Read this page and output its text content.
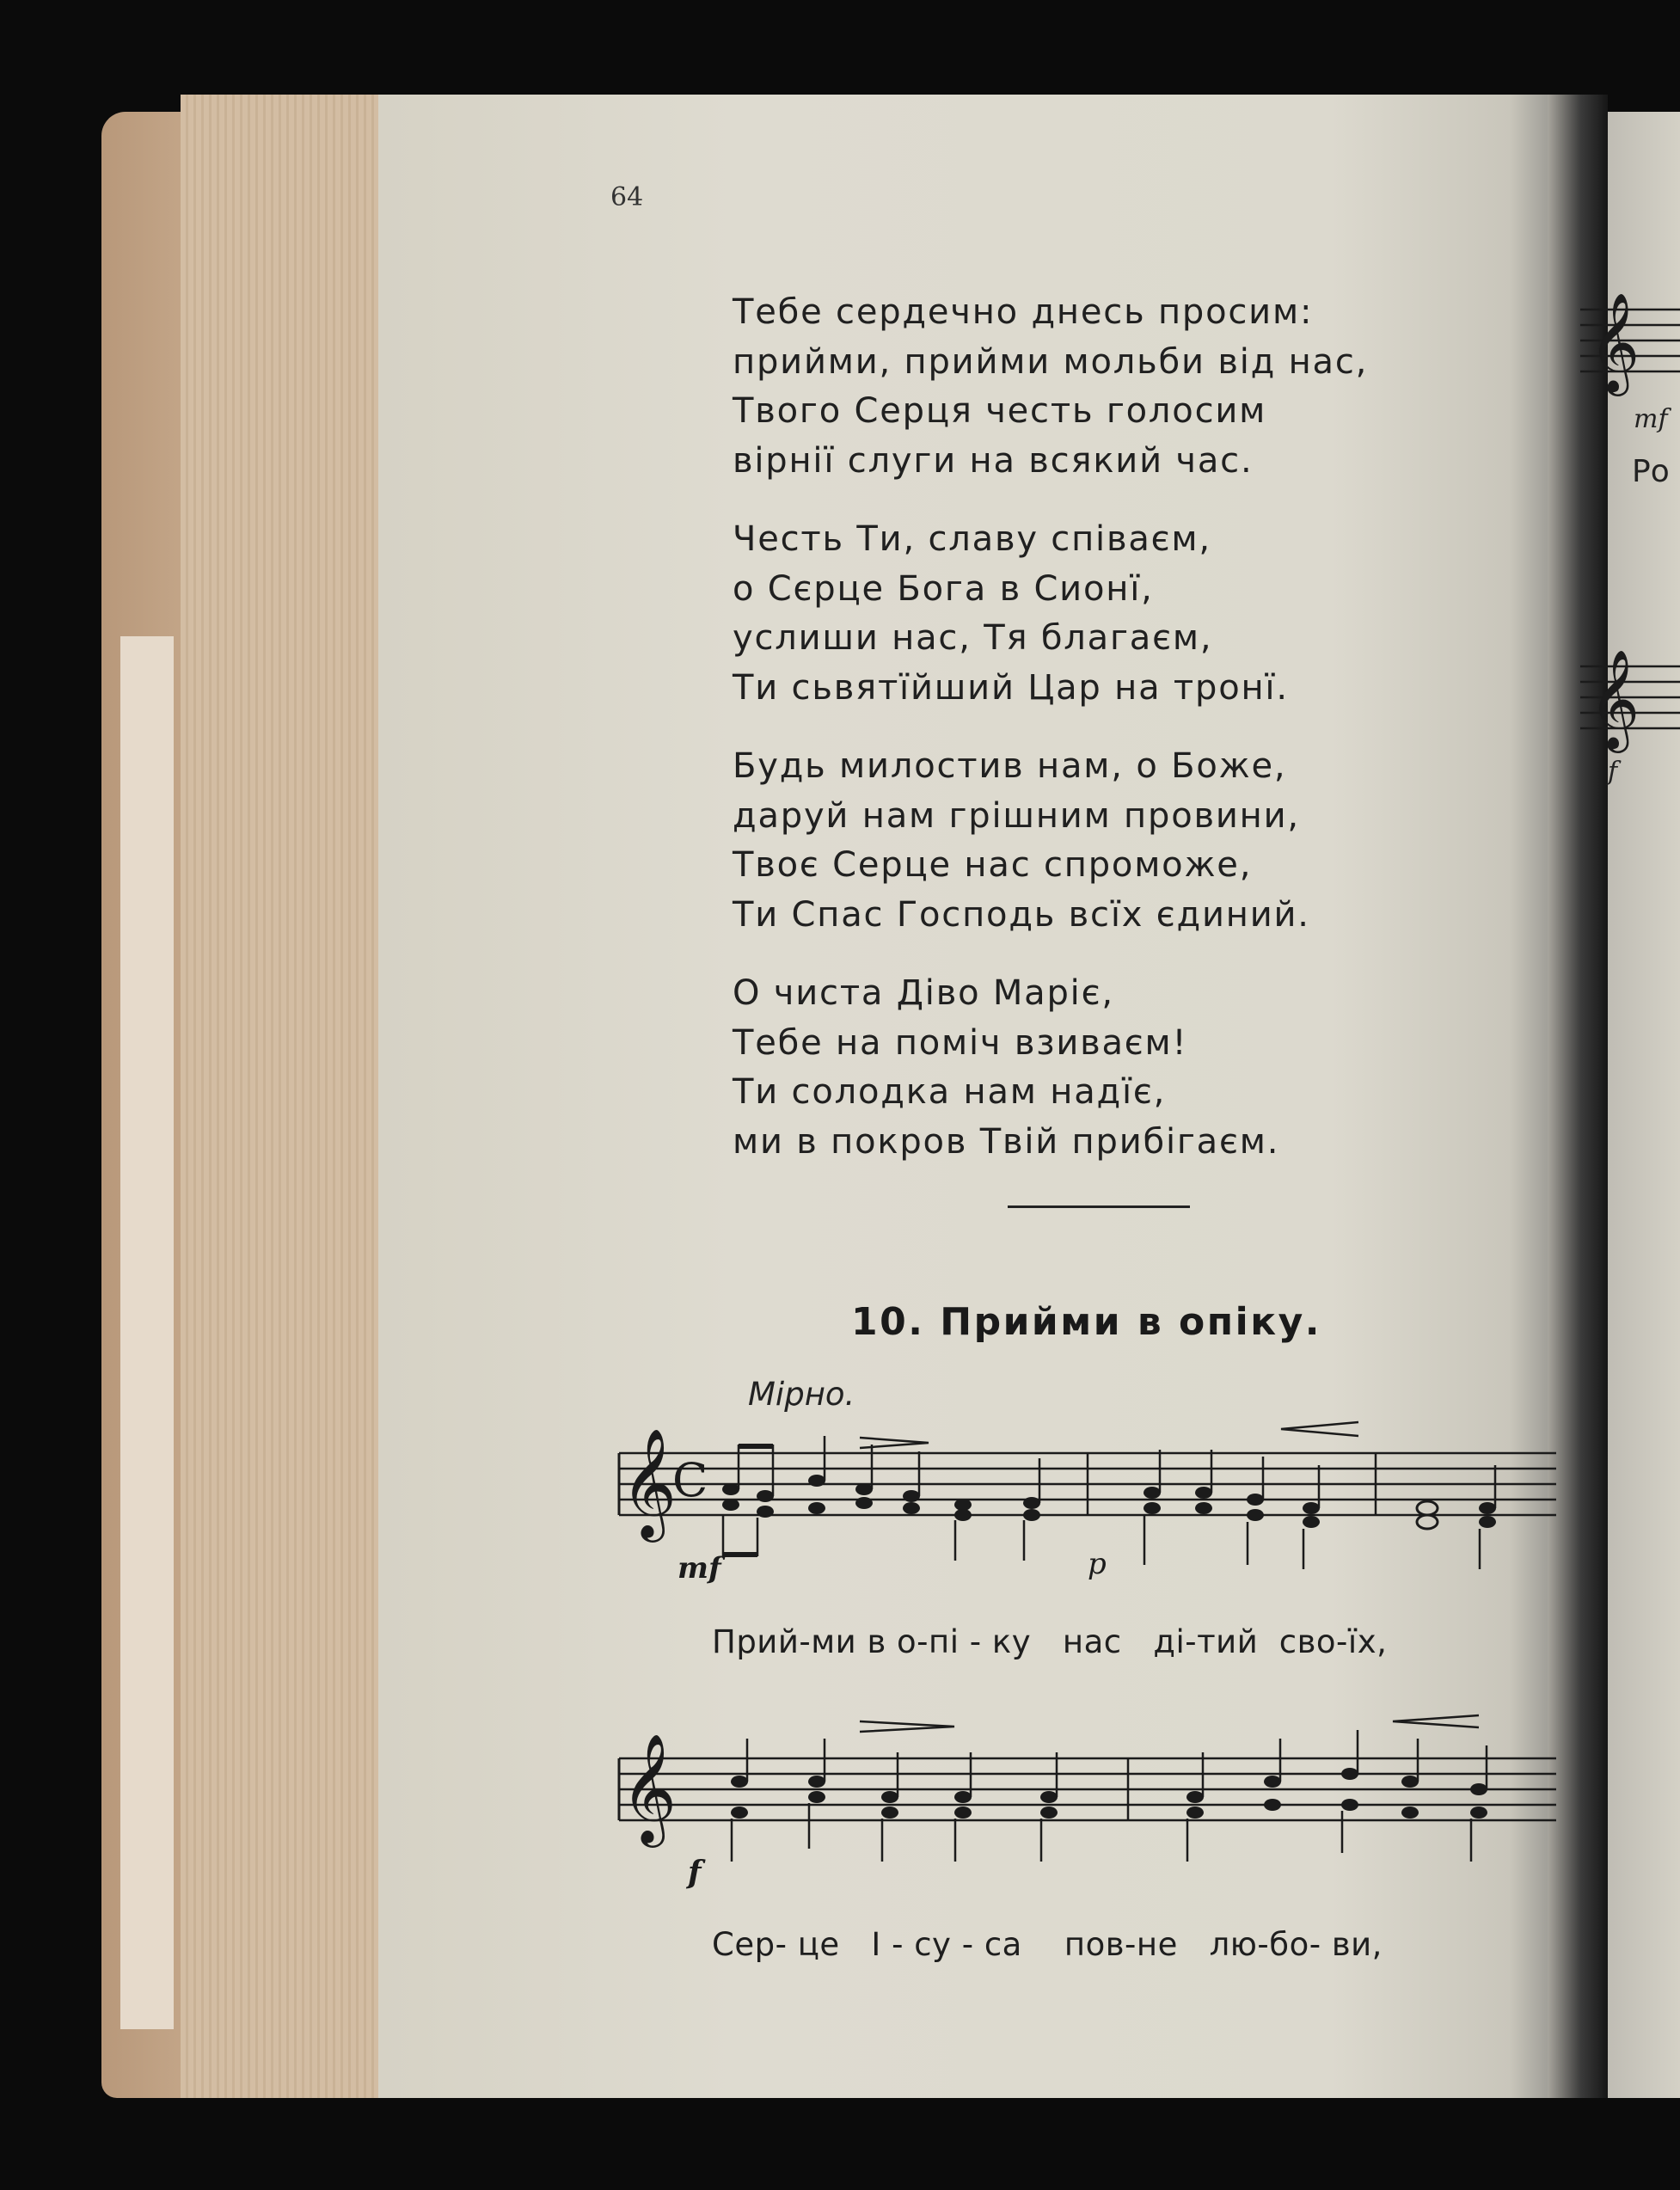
64
Тебе сердечно днесь просим:
прийми, прийми мольби від нас,
Твого Серця честь голосим
вірнії слуги на всякий час.
Честь Ти, славу співаєм,
о Сєрце Бога в Сионї,
услиши нас, Тя благаєм,
Ти сьвятїйший Цар на тронї.
Будь милостив нам, о Боже,
даруй нам грішним провини,
Твоє Серце нас спроможе,
Ти Спас Господь всїх єдиний.
О чиста Діво Маріє,
Тебе на поміч взиваєм!
Ти солодка нам надїє,
ми в покров Твій прибігаєм.
10. Прийми в опіку.
Мірно.
𝄞
C
𝄞
mf	p
f
Прий-ми в о-пі - ку   нас   ді-тий  сво-їх,
Сер- це   І - су - са    пов-не   лю-бо- ви,
𝄞
𝄞
mf
Ро
f
